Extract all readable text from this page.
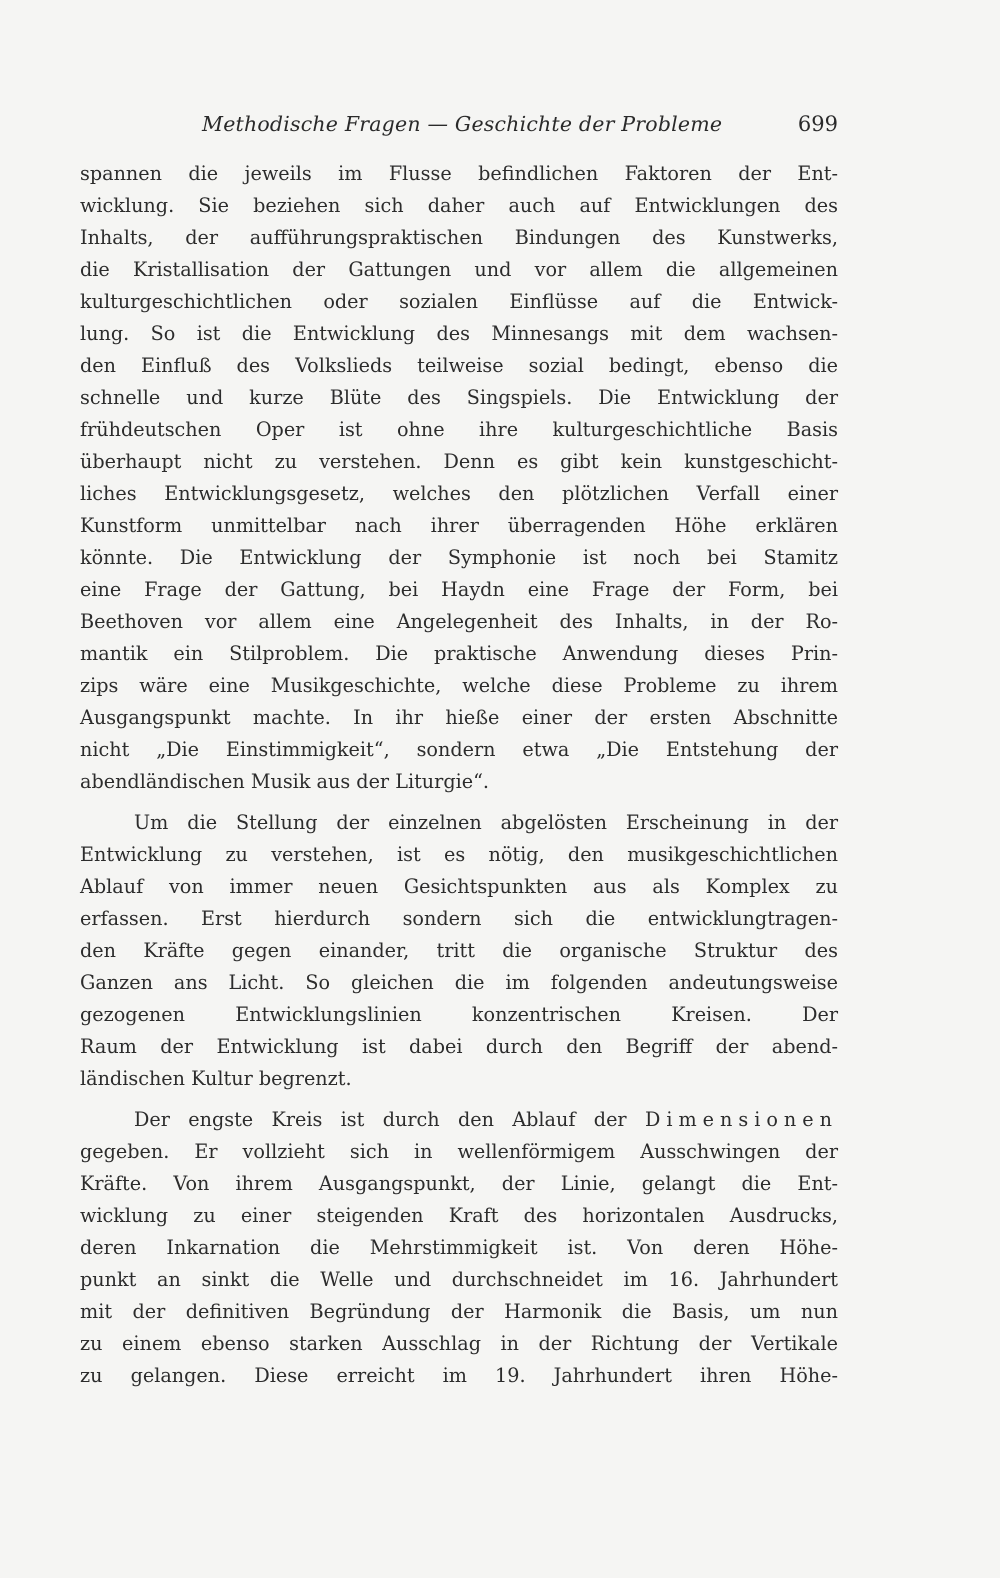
Methodische Fragen — Geschichte der Probleme	699
spannen die jeweils im Flusse befindlichen Faktoren der Ent-
wicklung. Sie beziehen sich daher auch auf Entwicklungen des
Inhalts, der aufführungspraktischen Bindungen des Kunstwerks,
die Kristallisation der Gattungen und vor allem die allgemeinen
kulturgeschichtlichen oder sozialen Einflüsse auf die Entwick-
lung. So ist die Entwicklung des Minnesangs mit dem wachsen-
den Einfluß des Volkslieds teilweise sozial bedingt, ebenso die
schnelle und kurze Blüte des Singspiels. Die Entwicklung der
frühdeutschen Oper ist ohne ihre kulturgeschichtliche Basis
überhaupt nicht zu verstehen. Denn es gibt kein kunstgeschicht-
liches Entwicklungsgesetz, welches den plötzlichen Verfall einer
Kunstform unmittelbar nach ihrer überragenden Höhe erklären
könnte. Die Entwicklung der Symphonie ist noch bei Stamitz
eine Frage der Gattung, bei Haydn eine Frage der Form, bei
Beethoven vor allem eine Angelegenheit des Inhalts, in der Ro-
mantik ein Stilproblem. Die praktische Anwendung dieses Prin-
zips wäre eine Musikgeschichte, welche diese Probleme zu ihrem
Ausgangspunkt machte. In ihr hieße einer der ersten Abschnitte
nicht „Die Einstimmigkeit“, sondern etwa „Die Entstehung der
abendländischen Musik aus der Liturgie“.
Um die Stellung der einzelnen abgelösten Erscheinung in der
Entwicklung zu verstehen, ist es nötig, den musikgeschichtlichen
Ablauf von immer neuen Gesichtspunkten aus als Komplex zu
erfassen. Erst hierdurch sondern sich die entwicklungtragen-
den Kräfte gegen einander, tritt die organische Struktur des
Ganzen ans Licht. So gleichen die im folgenden andeutungsweise
gezogenen Entwicklungslinien konzentrischen Kreisen. Der
Raum der Entwicklung ist dabei durch den Begriff der abend-
ländischen Kultur begrenzt.
Der engste Kreis ist durch den Ablauf der Dimensionen
gegeben. Er vollzieht sich in wellenförmigem Ausschwingen der
Kräfte. Von ihrem Ausgangspunkt, der Linie, gelangt die Ent-
wicklung zu einer steigenden Kraft des horizontalen Ausdrucks,
deren Inkarnation die Mehrstimmigkeit ist. Von deren Höhe-
punkt an sinkt die Welle und durchschneidet im 16. Jahrhundert
mit der definitiven Begründung der Harmonik die Basis, um nun
zu einem ebenso starken Ausschlag in der Richtung der Vertikale
zu gelangen. Diese erreicht im 19. Jahrhundert ihren Höhe-
